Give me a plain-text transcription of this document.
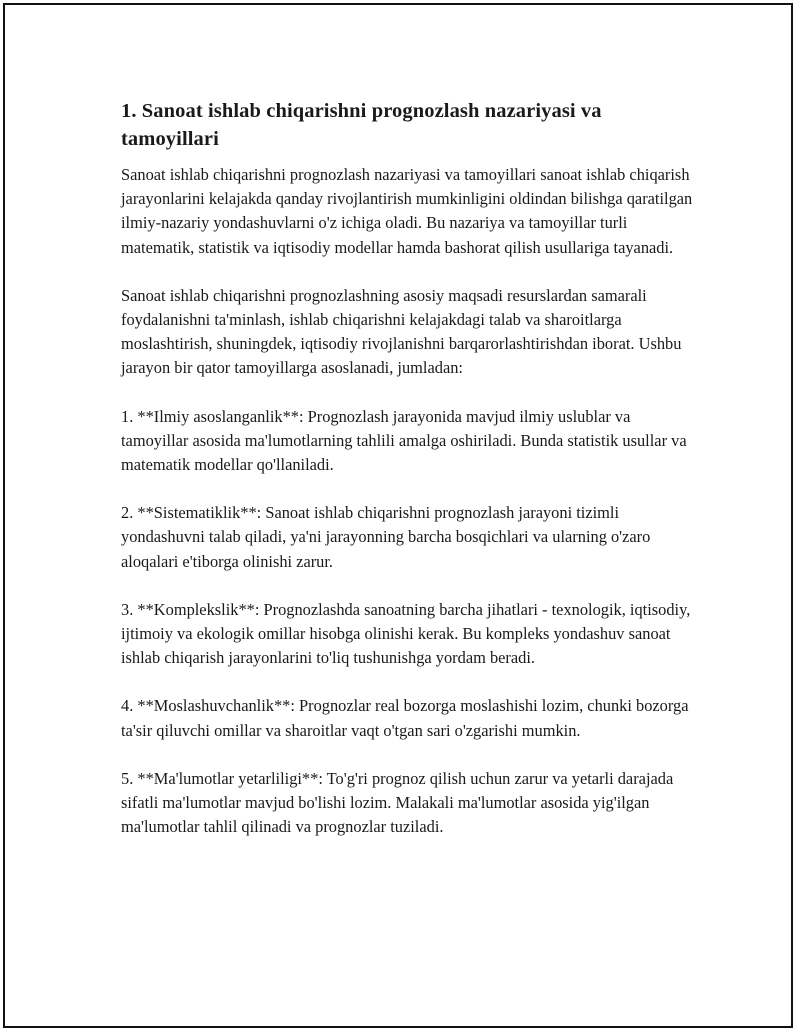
1. Sanoat ishlab chiqarishni prognozlash nazariyasi va tamoyillari

Sanoat ishlab chiqarishni prognozlash nazariyasi va tamoyillari sanoat ishlab chiqarish jarayonlarini kelajakda qanday rivojlantirish mumkinligini oldindan bilishga qaratilgan ilmiy-nazariy yondashuvlarni o'z ichiga oladi. Bu nazariya va tamoyillar turli matematik, statistik va iqtisodiy modellar hamda bashorat qilish usullariga tayanadi.

Sanoat ishlab chiqarishni prognozlashning asosiy maqsadi resurslardan samarali foydalanishni ta'minlash, ishlab chiqarishni kelajakdagi talab va sharoitlarga moslashtirish, shuningdek, iqtisodiy rivojlanishni barqarorlashtirishdan iborat. Ushbu jarayon bir qator tamoyillarga asoslanadi, jumladan:

1. **Ilmiy asoslanganlik**: Prognozlash jarayonida mavjud ilmiy uslublar va tamoyillar asosida ma'lumotlarning tahlili amalga oshiriladi. Bunda statistik usullar va matematik modellar qo'llaniladi.

2. **Sistematiklik**: Sanoat ishlab chiqarishni prognozlash jarayoni tizimli yondashuvni talab qiladi, ya'ni jarayonning barcha bosqichlari va ularning o'zaro aloqalari e'tiborga olinishi zarur.

3. **Komplekslik**: Prognozlashda sanoatning barcha jihatlari - texnologik, iqtisodiy, ijtimoiy va ekologik omillar hisobga olinishi kerak. Bu kompleks yondashuv sanoat ishlab chiqarish jarayonlarini to'liq tushunishga yordam beradi.

4. **Moslashuvchanlik**: Prognozlar real bozorga moslashishi lozim, chunki bozorga ta'sir qiluvchi omillar va sharoitlar vaqt o'tgan sari o'zgarishi mumkin.

5. **Ma'lumotlar yetarliligi**: To'g'ri prognoz qilish uchun zarur va yetarli darajada sifatli ma'lumotlar mavjud bo'lishi lozim. Malakali ma'lumotlar asosida yig'ilgan ma'lumotlar tahlil qilinadi va prognozlar tuziladi.
